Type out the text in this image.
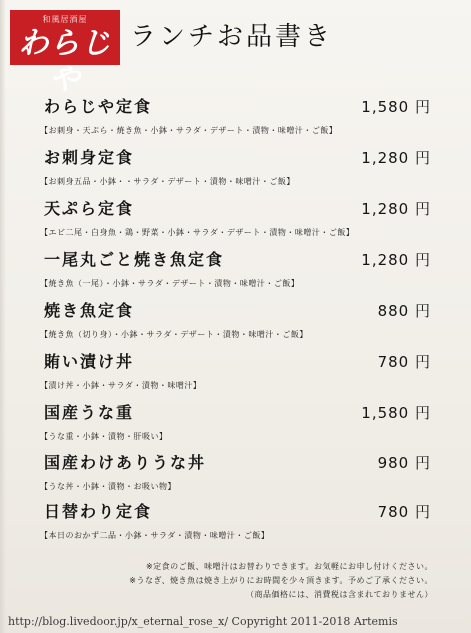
和風居酒屋
わらじや
ランチお品書き
わらじや定食	1,580 円
【お刺身・天ぷら・焼き魚・小鉢・サラダ・デザート・漬物・味噌汁・ご飯】
お刺身定食	1,280 円
【お刺身五品・小鉢・・サラダ・デザート・漬物・味噌汁・ご飯】
天ぷら定食	1,280 円
【エビ二尾・白身魚・鶏・野菜・小鉢・サラダ・デザート・漬物・味噌汁・ご飯】
一尾丸ごと焼き魚定食	1,280 円
【焼き魚（一尾）・小鉢・サラダ・デザート・漬物・味噌汁・ご飯】
焼き魚定食	880 円
【焼き魚（切り身）・小鉢・サラダ・デザート・漬物・味噌汁・ご飯】
賄い漬け丼	780 円
【漬け丼・小鉢・サラダ・漬物・味噌汁】
国産うな重	1,580 円
【うな重・小鉢・漬物・肝吸い】
国産わけありうな丼	980 円
【うな丼・小鉢・漬物・お吸い物】
日替わり定食	780 円
【本日のおかず二品・小鉢・サラダ・漬物・味噌汁・ご飯】
※定食のご飯、味噌汁はお替わりできます。お気軽にお申し付けください。
※うなぎ、焼き魚は焼き上がりにお時間を少々頂きます。予めご了承ください。
（商品価格には、消費税は含まれておりません）
http://blog.livedoor.jp/x_eternal_rose_x/ Copyright 2011-2018 Artemis
